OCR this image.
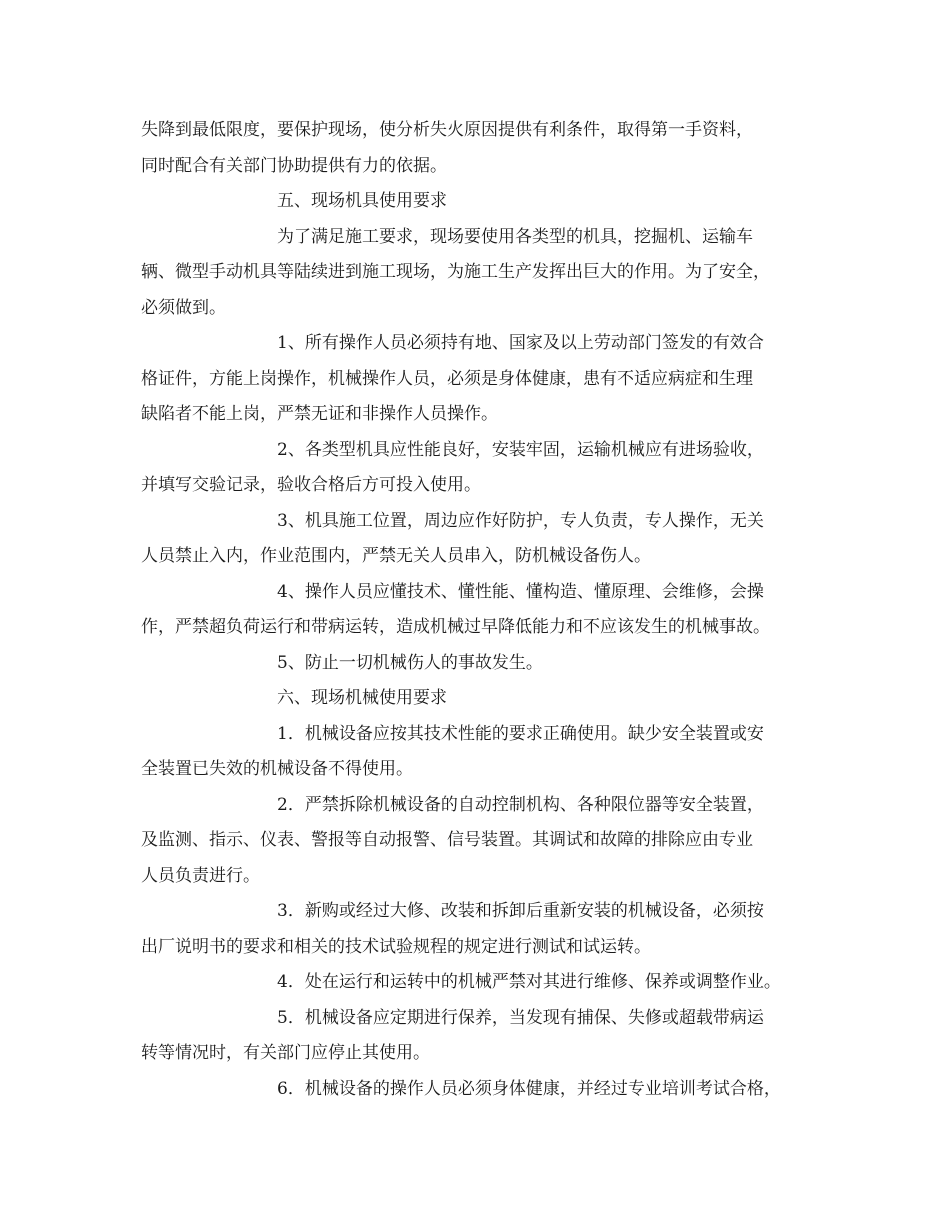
失降到最低限度，要保护现场，使分析失火原因提供有利条件，取得第一手资料，
同时配合有关部门协助提供有力的依据。
五、现场机具使用要求
为了满足施工要求，现场要使用各类型的机具，挖掘机、运输车
辆、微型手动机具等陆续进到施工现场，为施工生产发挥出巨大的作用。为了安全，
必须做到。
1、所有操作人员必须持有地、国家及以上劳动部门签发的有效合
格证件，方能上岗操作，机械操作人员，必须是身体健康，患有不适应病症和生理
缺陷者不能上岗，严禁无证和非操作人员操作。
2、各类型机具应性能良好，安装牢固，运输机械应有进场验收，
并填写交验记录，验收合格后方可投入使用。
3、机具施工位置，周边应作好防护，专人负责，专人操作，无关
人员禁止入内，作业范围内，严禁无关人员串入，防机械设备伤人。
4、操作人员应懂技术、懂性能、懂构造、懂原理、会维修，会操
作，严禁超负荷运行和带病运转，造成机械过早降低能力和不应该发生的机械事故。
5、防止一切机械伤人的事故发生。
六、现场机械使用要求
1．机械设备应按其技术性能的要求正确使用。缺少安全装置或安
全装置已失效的机械设备不得使用。
2．严禁拆除机械设备的自动控制机构、各种限位器等安全装置，
及监测、指示、仪表、警报等自动报警、信号装置。其调试和故障的排除应由专业
人员负责进行。
3．新购或经过大修、改装和拆卸后重新安装的机械设备，必须按
出厂说明书的要求和相关的技术试验规程的规定进行测试和试运转。
4．处在运行和运转中的机械严禁对其进行维修、保养或调整作业。
5．机械设备应定期进行保养，当发现有捕保、失修或超载带病运
转等情况时，有关部门应停止其使用。
6．机械设备的操作人员必须身体健康，并经过专业培训考试合格，
